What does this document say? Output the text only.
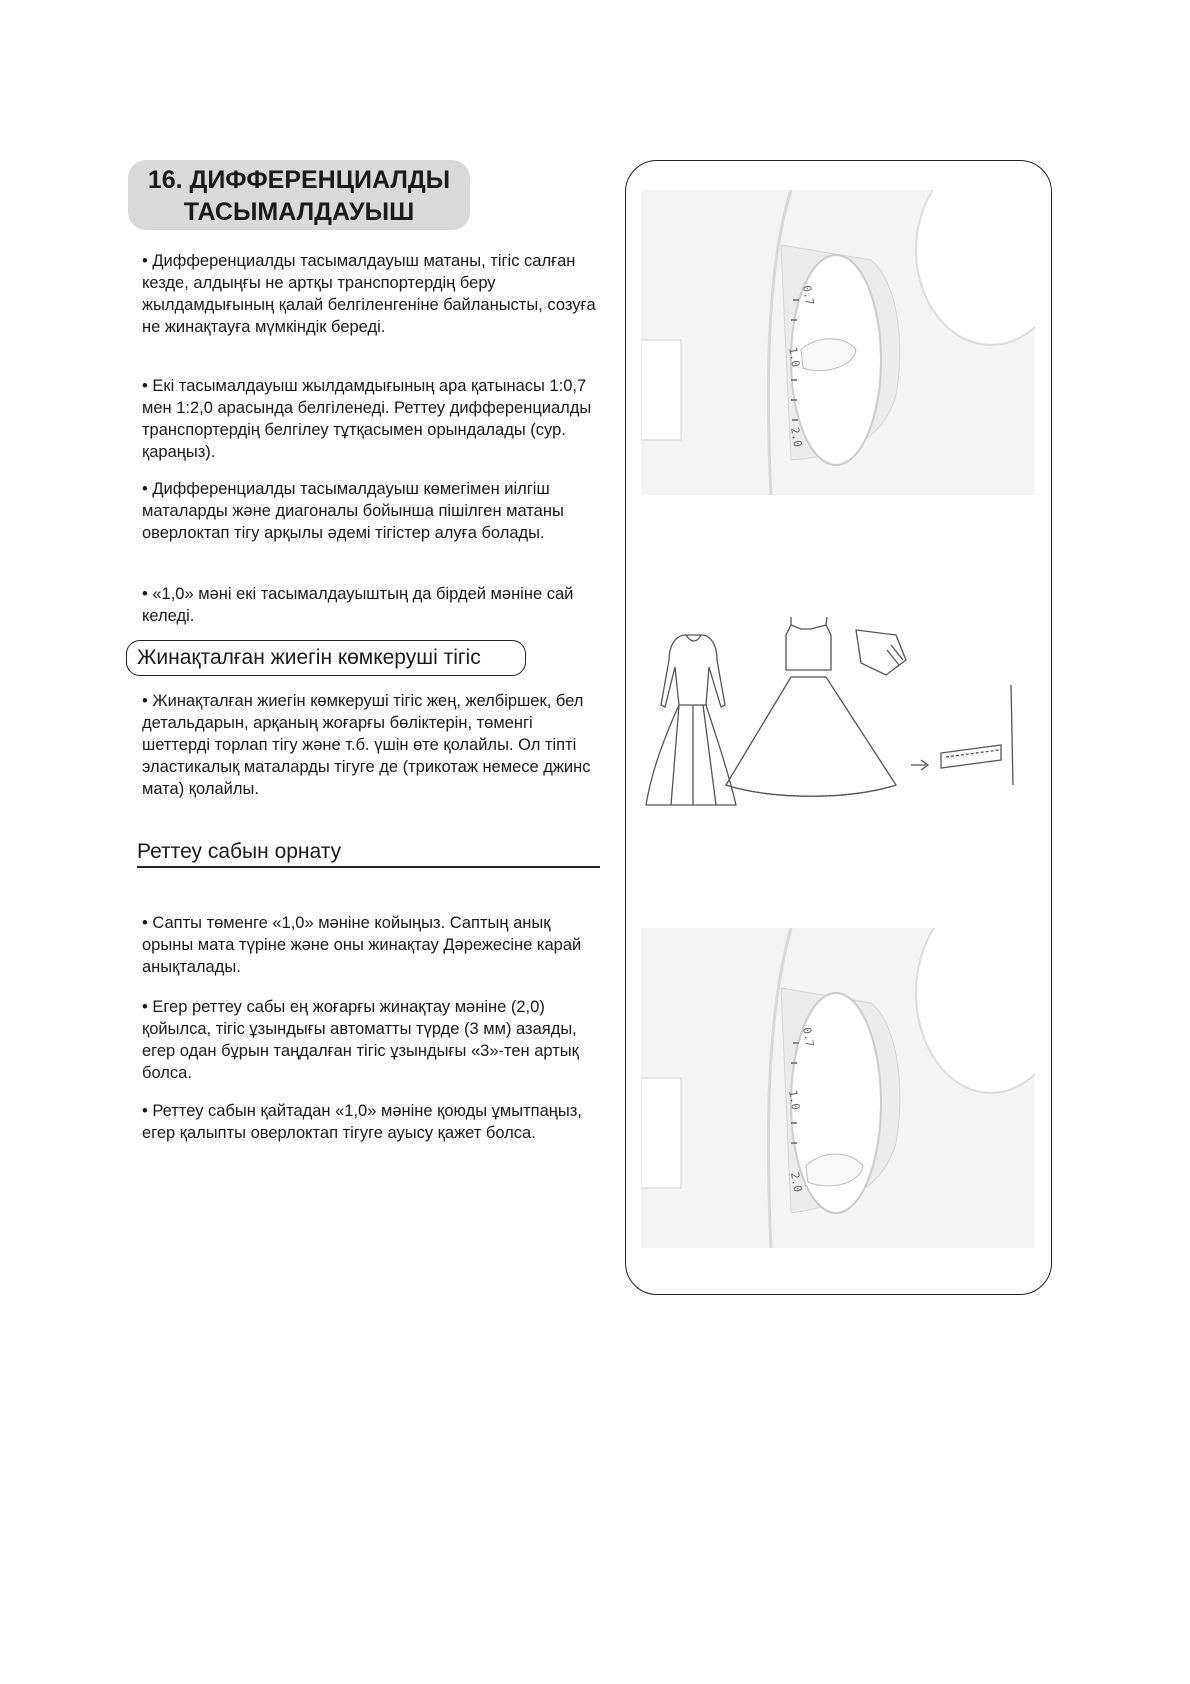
16. ДИФФЕРЕНЦИАЛДЫ
ТАСЫМАЛДАУЫШ

• Дифференциалды тасымалдауыш матаны, тігіс салған кезде, алдыңғы не артқы транспортердің беру жылдамдығының қалай белгіленгеніне байланысты, созуға не жинақтауға мүмкіндік береді.

• Екі тасымалдауыш жылдамдығының ара қатынасы 1:0,7 мен 1:2,0 арасында белгіленеді. Реттеу дифференциалды транспортердің белгілеу тұтқасымен орындалады (сур. қараңыз).

• Дифференциалды тасымалдауыш көмегімен иілгіш маталарды және диагоналы бойынша пішілген матаны оверлоктап тігу арқылы әдемі тігістер алуға болады.

• «1,0» мәні екі тасымалдауыштың да бірдей мәніне сай келеді.

Жинақталған жиегін көмкеруші тігіс

• Жинақталған жиегін көмкеруші тігіс жең, желбіршек, бел детальдарын, арқаның жоғарғы бөліктерін, төменгі шеттерді торлап тігу және т.б. үшін өте қолайлы. Ол тіпті эластикалық маталарды тігуге де (трикотаж немесе джинс мата) қолайлы.

Реттеу сабын орнату

• Сапты төменге «1,0» мәніне койыңыз. Саптың анық орыны мата түріне және оны жинақтау Дәрежесіне карай анықталады.

• Егер реттеу сабы ең жоғарғы жинақтау мәніне (2,0) қойылса, тігіс ұзындығы автоматты түрде (3 мм) азаяды, егер одан бұрын таңдалған тігіс ұзындығы «3»-тен артық болса.

• Реттеу сабын қайтадан «1,0» мәніне қоюды ұмытпаңыз, егер қалыпты оверлоктап тігуге ауысу қажет болса.

0.7
1.0
2.0
0.7
1.0
2.0
